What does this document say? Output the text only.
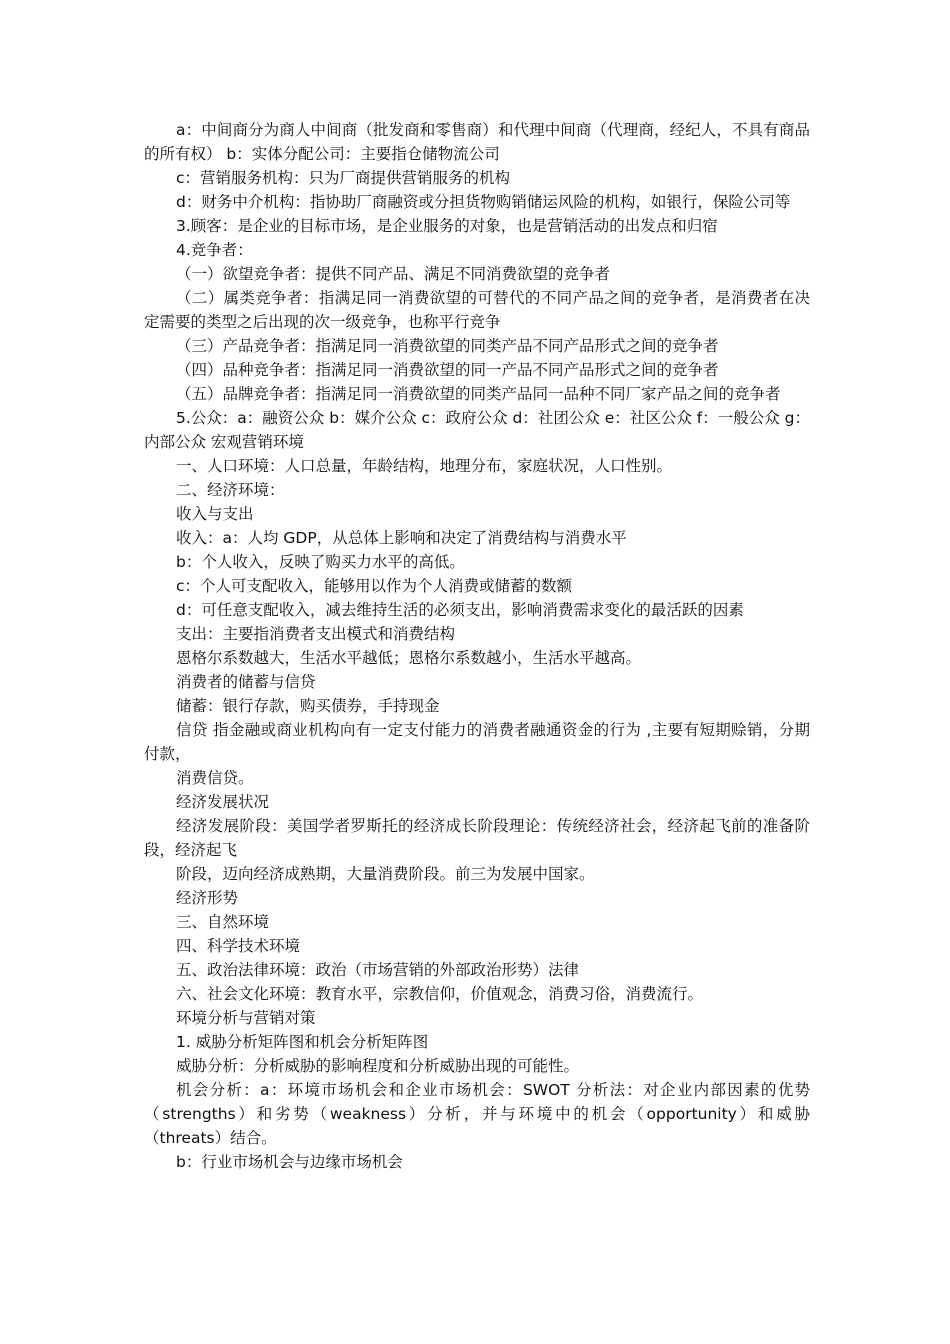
a：中间商分为商人中间商（批发商和零售商）和代理中间商（代理商，经纪人，不具有商品的所有权） b：实体分配公司：主要指仓储物流公司

c：营销服务机构：只为厂商提供营销服务的机构

d：财务中介机构：指协助厂商融资或分担货物购销储运风险的机构，如银行，保险公司等

3.顾客：是企业的目标市场，是企业服务的对象，也是营销活动的出发点和归宿

4.竞争者：

（一）欲望竞争者：提供不同产品、满足不同消费欲望的竞争者

（二）属类竞争者：指满足同一消费欲望的可替代的不同产品之间的竞争者，是消费者在决定需要的类型之后出现的次一级竞争，也称平行竞争

（三）产品竞争者：指满足同一消费欲望的同类产品不同产品形式之间的竞争者

（四）品种竞争者：指满足同一消费欲望的同一产品不同产品形式之间的竞争者

（五）品牌竞争者：指满足同一消费欲望的同类产品同一品种不同厂家产品之间的竞争者

5.公众：a：融资公众 b：媒介公众 c：政府公众 d：社团公众 e：社区公众 f：一般公众 g：内部公众 宏观营销环境

一、人口环境：人口总量，年龄结构，地理分布，家庭状况，人口性别。

二、经济环境：

收入与支出

收入：a：人均 GDP，从总体上影响和决定了消费结构与消费水平

b：个人收入，反映了购买力水平的高低。

c：个人可支配收入，能够用以作为个人消费或储蓄的数额

d：可任意支配收入，减去维持生活的必须支出，影响消费需求变化的最活跃的因素

支出：主要指消费者支出模式和消费结构

恩格尔系数越大，生活水平越低；恩格尔系数越小，生活水平越高。

消费者的储蓄与信贷

储蓄：银行存款，购买债券，手持现金

信贷 指金融或商业机构向有一定支付能力的消费者融通资金的行为 ,主要有短期赊销，分期付款，

消费信贷。

经济发展状况

经济发展阶段：美国学者罗斯托的经济成长阶段理论：传统经济社会，经济起飞前的准备阶段，经济起飞

阶段，迈向经济成熟期，大量消费阶段。前三为发展中国家。

经济形势

三、自然环境

四、科学技术环境

五、政治法律环境：政治（市场营销的外部政治形势）法律

六、社会文化环境：教育水平，宗教信仰，价值观念，消费习俗，消费流行。

环境分析与营销对策

1. 威胁分析矩阵图和机会分析矩阵图

威胁分析：分析威胁的影响程度和分析威胁出现的可能性。

机会分析：a：环境市场机会和企业市场机会：SWOT 分析法：对企业内部因素的优势（strengths）和劣势（weakness）分析，并与环境中的机会（opportunity）和威胁（threats）结合。

b：行业市场机会与边缘市场机会
